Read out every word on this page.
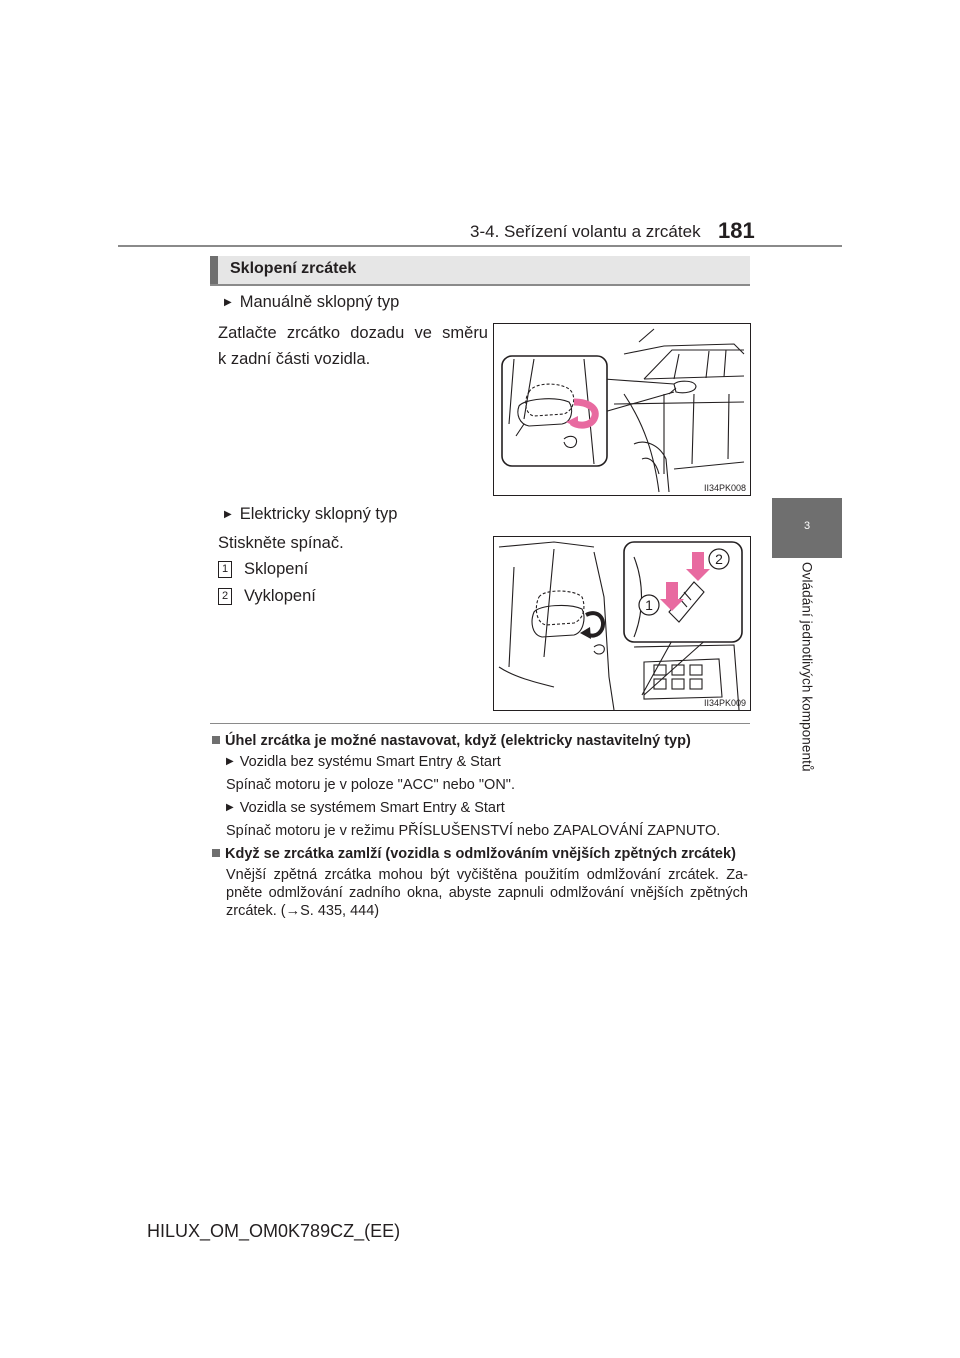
3-4. Seřízení volantu a zrcátek 181
3
Ovládání jednotlivých komponentů
Sklopení zrcátek
▶ Manuálně sklopný typ
Zatlačte zrcátko dozadu ve směru
k zadní části vozidla.
II34PK008
▶ Elektricky sklopný typ
Stiskněte spínač.
1 Sklopení
2 Vyklopení
2
1
II34PK009
Úhel zrcátka je možné nastavovat, když (elektricky nastavitelný typ)
▶ Vozidla bez systému Smart Entry & Start
Spínač motoru je v poloze "ACC" nebo "ON".
▶ Vozidla se systémem Smart Entry & Start
Spínač motoru je v režimu PŘÍSLUŠENSTVÍ nebo ZAPALOVÁNÍ ZAPNUTO.
Když se zrcátka zamlží (vozidla s odmlžováním vnějších zpětných zrcátek)
Vnější zpětná zrcátka mohou být vyčištěna použitím odmlžování zrcátek. Za-
pněte odmlžování zadního okna, abyste zapnuli odmlžování vnějších zpětných
zrcátek. (→S. 435, 444)
HILUX_OM_OM0K789CZ_(EE)
